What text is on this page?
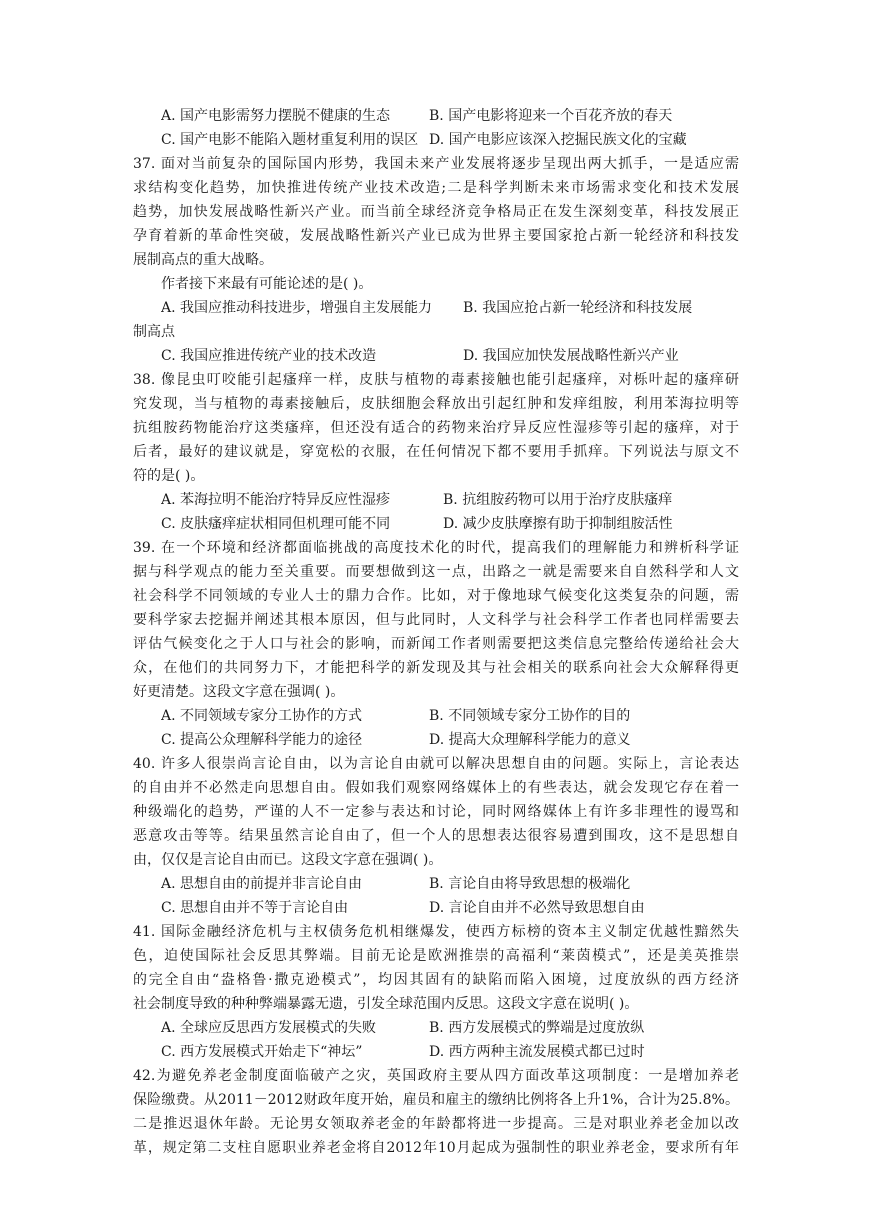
A. 国产电影需努力摆脱不健康的生态	B. 国产电影将迎来一个百花齐放的春天
C. 国产电影不能陷入题材重复利用的误区 D. 国产电影应该深入挖掘民族文化的宝藏
37. 面对当前复杂的国际国内形势，我国未来产业发展将逐步呈现出两大抓手，一是适应需
求结构变化趋势，加快推进传统产业技术改造;二是科学判断未来市场需求变化和技术发展
趋势，加快发展战略性新兴产业。而当前全球经济竞争格局正在发生深刻变革，科技发展正
孕育着新的革命性突破，发展战略性新兴产业已成为世界主要国家抢占新一轮经济和科技发
展制高点的重大战略。
作者接下来最有可能论述的是( )。
A. 我国应推动科技进步，增强自主发展能力	B. 我国应抢占新一轮经济和科技发展
制高点
C. 我国应推进传统产业的技术改造	D. 我国应加快发展战略性新兴产业
38. 像昆虫叮咬能引起瘙痒一样，皮肤与植物的毒素接触也能引起瘙痒，对栎叶起的瘙痒研
究发现，当与植物的毒素接触后，皮肤细胞会释放出引起红肿和发痒组胺，利用苯海拉明等
抗组胺药物能治疗这类瘙痒，但还没有适合的药物来治疗异反应性湿疹等引起的瘙痒，对于
后者，最好的建议就是，穿宽松的衣服，在任何情况下都不要用手抓痒。下列说法与原文不
符的是( )。
A. 苯海拉明不能治疗特异反应性湿疹	B. 抗组胺药物可以用于治疗皮肤瘙痒
C. 皮肤瘙痒症状相同但机理可能不同	D. 减少皮肤摩擦有助于抑制组胺活性
39. 在一个环境和经济都面临挑战的高度技术化的时代，提高我们的理解能力和辨析科学证
据与科学观点的能力至关重要。而要想做到这一点，出路之一就是需要来自自然科学和人文
社会科学不同领域的专业人士的鼎力合作。比如，对于像地球气候变化这类复杂的问题，需
要科学家去挖掘并阐述其根本原因，但与此同时，人文科学与社会科学工作者也同样需要去
评估气候变化之于人口与社会的影响，而新闻工作者则需要把这类信息完整给传递给社会大
众，在他们的共同努力下，才能把科学的新发现及其与社会相关的联系向社会大众解释得更
好更清楚。这段文字意在强调( )。
A. 不同领域专家分工协作的方式	B. 不同领域专家分工协作的目的
C. 提高公众理解科学能力的途径	D. 提高大众理解科学能力的意义
40. 许多人很崇尚言论自由，以为言论自由就可以解决思想自由的问题。实际上，言论表达
的自由并不必然走向思想自由。假如我们观察网络媒体上的有些表达，就会发现它存在着一
种级端化的趋势，严谨的人不一定参与表达和讨论，同时网络媒体上有许多非理性的谩骂和
恶意攻击等等。结果虽然言论自由了，但一个人的思想表达很容易遭到围攻，这不是思想自
由，仅仅是言论自由而已。这段文字意在强调( )。
A. 思想自由的前提并非言论自由	B. 言论自由将导致思想的极端化
C. 思想自由并不等于言论自由	D. 言论自由并不必然导致思想自由
41. 国际金融经济危机与主权债务危机相继爆发，使西方标榜的资本主义制定优越性黯然失
色，迫使国际社会反思其弊端。目前无论是欧洲推崇的高福利“莱茵模式”，还是美英推崇
的完全自由“盎格鲁·撒克逊模式”，均因其固有的缺陷而陷入困境，过度放纵的西方经济
社会制度导致的种种弊端暴露无遗，引发全球范围内反思。这段文字意在说明( )。
A. 全球应反思西方发展模式的失败	B. 西方发展模式的弊端是过度放纵
C. 西方发展模式开始走下“神坛”	D. 西方两种主流发展模式都已过时
42.为避免养老金制度面临破产之灾，英国政府主要从四方面改革这项制度：一是增加养老
保险缴费。从2011－2012财政年度开始，雇员和雇主的缴纳比例将各上升1%，合计为25.8%。
二是推迟退休年龄。无论男女领取养老金的年龄都将进一步提高。三是对职业养老金加以改
革，规定第二支柱自愿职业养老金将自2012年10月起成为强制性的职业养老金，要求所有年
